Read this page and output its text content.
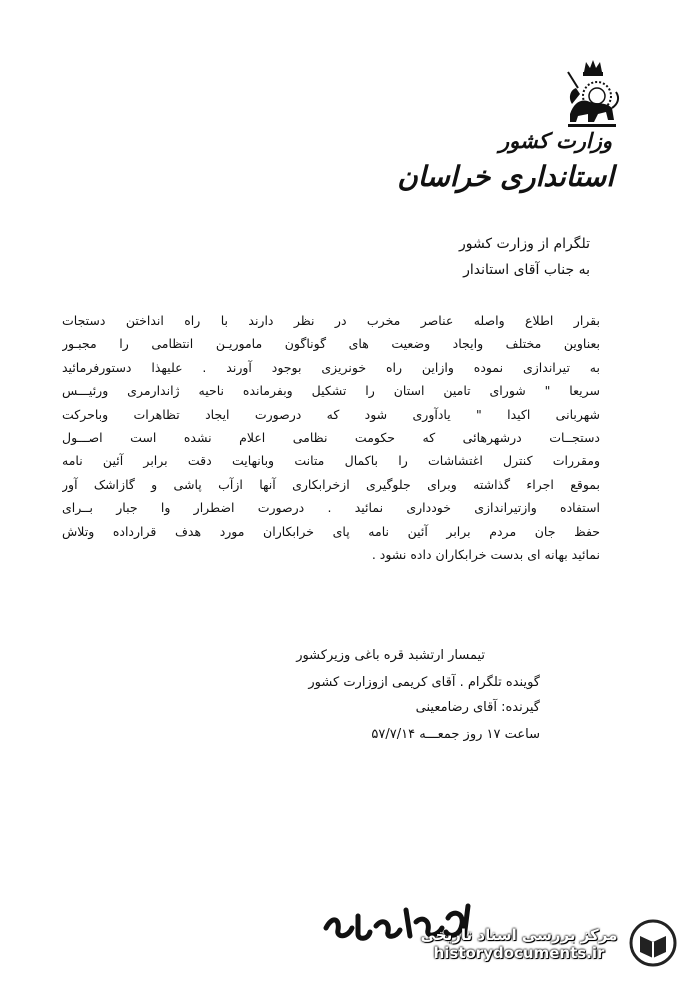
وزارت کشور
استانداری خراسان
تلگرام از وزارت کشور
به جناب آقای استاندار
بقرار اطلاع واصله عناصر مخرب در نظر دارند با راه انداختن دستجات
بعناوین مختلف وایجاد وضعیت های گوناگون ماموریـن انتظامی را مجبـور
به تیراندازی نموده وازاین راه خونریزی بوجود آورند . علیهذا دستورفرمائید
سریعا " شورای تامین استان را تشکیل وبفرمانده ناحیه ژاندارمری ورئیـــس
شهربانی اکیدا " یادآوری شود که درصورت ایجاد تظاهرات وباحرکت
دستجــات درشهرهائی که حکومت نظامی اعلام نشده است اصـــول
ومقررات کنترل اغتشاشات را باکمال متانت وبانهایت دقت برابر آئین نامه
بموقع اجراء گذاشته وبرای جلوگیری ازخرابکاری آنها ازآب پاشی و گازاشک آور
استفاده وازتیراندازی خودداری نمائید . درصورت اضطرار وا جبار بــرای
حفظ جان مردم برابر آئین نامه پای خرابکاران مورد هدف قرارداده وتلاش
نمائید بهانه ای بدست خرابکاران داده نشود .
تیمسار ارتشبد قره باغی وزیرکشور
گوینده تلگرام . آقای کریمی ازوزارت کشور
گیرنده: آقای رضامعینی
ساعت ۱۷ روز جمعـــه ۵۷/۷/۱۴
مرکز بررسی اسناد تاریخی
historydocuments.ir
